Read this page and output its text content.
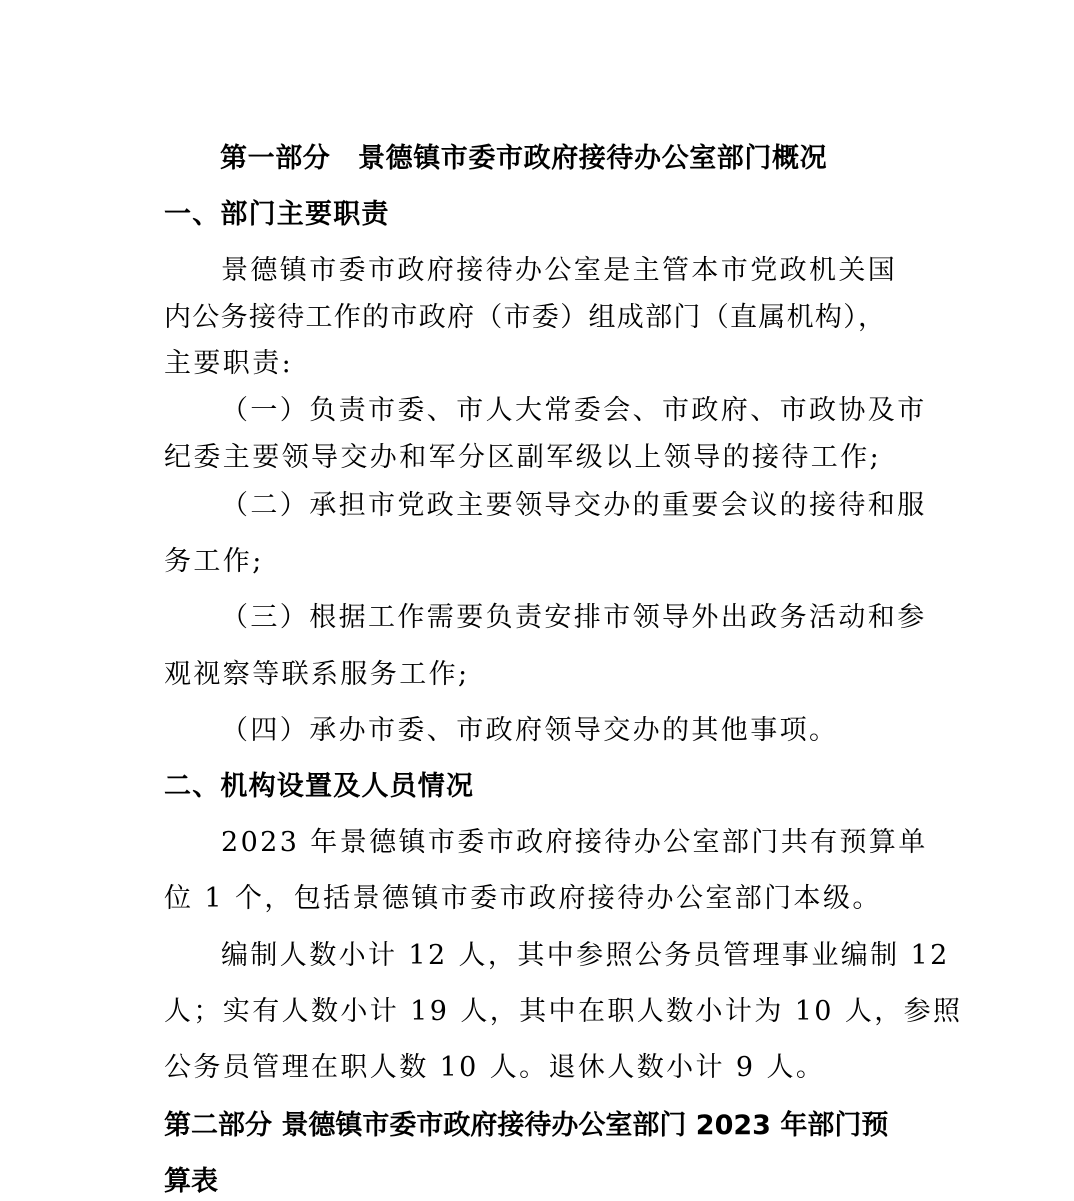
第一部分　景德镇市委市政府接待办公室部门概况
一、部门主要职责
景德镇市委市政府接待办公室是主管本市党政机关国
内公务接待工作的市政府（市委）组成部门（直属机构），
主要职责:
（一）负责市委、市人大常委会、市政府、市政协及市
纪委主要领导交办和军分区副军级以上领导的接待工作;
（二）承担市党政主要领导交办的重要会议的接待和服
务工作;
（三）根据工作需要负责安排市领导外出政务活动和参
观视察等联系服务工作;
（四）承办市委、市政府领导交办的其他事项。
二、机构设置及人员情况
2023 年景德镇市委市政府接待办公室部门共有预算单
位 1 个，包括景德镇市委市政府接待办公室部门本级。
编制人数小计 12 人，其中参照公务员管理事业编制 12
人；实有人数小计 19 人，其中在职人数小计为 10 人，参照
公务员管理在职人数 10 人。退休人数小计 9 人。
第二部分 景德镇市委市政府接待办公室部门 2023 年部门预
算表
